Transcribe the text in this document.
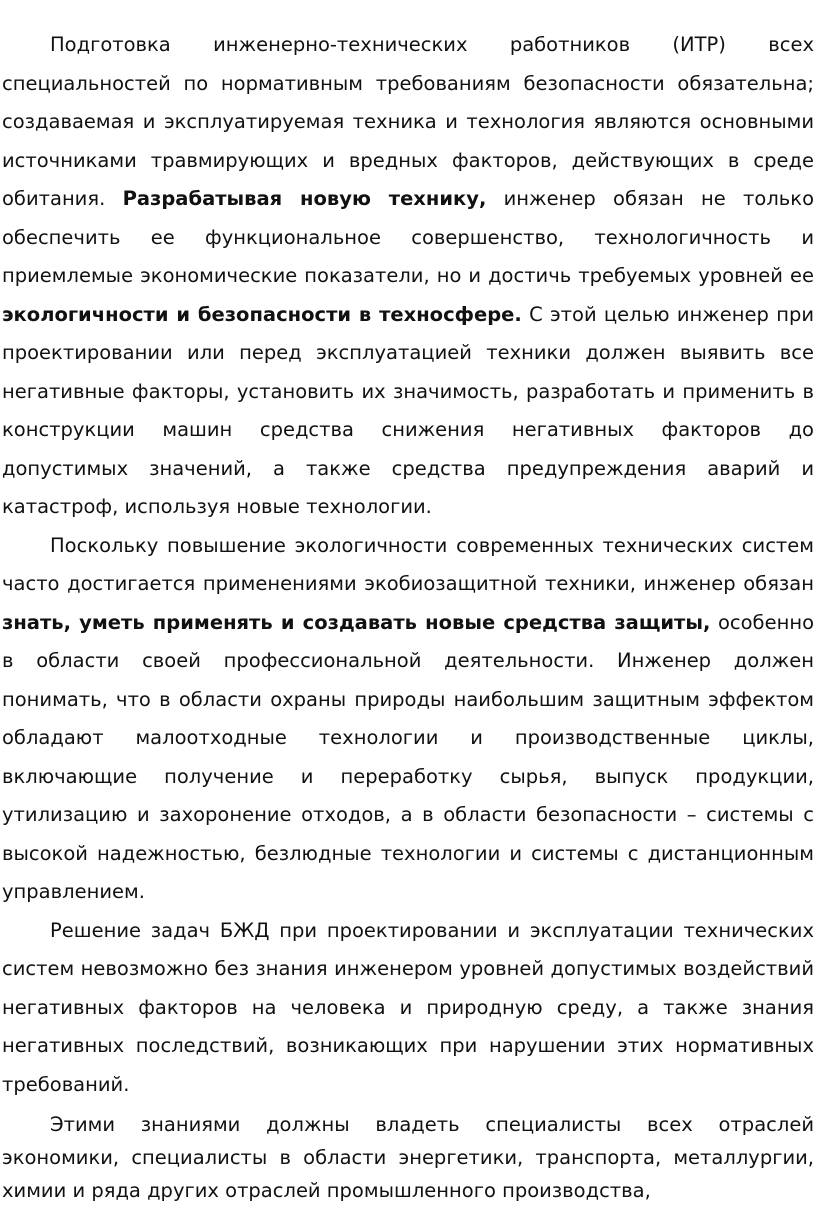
Подготовка инженерно-технических работников (ИТР) всех специальностей по нормативным требованиям безопасности обязательна; создаваемая и эксплуатируемая техника и технология являются основными источниками травмирующих и вредных факторов, действующих в среде обитания. Разрабатывая новую технику, инженер обязан не только обеспечить ее функциональное совершенство, технологичность и приемлемые экономические показатели, но и достичь требуемых уровней ее экологичности и безопасности в техносфере. С этой целью инженер при проектировании или перед эксплуатацией техники должен выявить все негативные факторы, установить их значимость, разработать и применить в конструкции машин средства снижения негативных факторов до допустимых значений, а также средства предупреждения аварий и катастроф, используя новые технологии.

Поскольку повышение экологичности современных технических систем часто достигается применениями экобиозащитной техники, инженер обязан знать, уметь применять и создавать новые средства защиты, особенно в области своей профессиональной деятельности. Инженер должен понимать, что в области охраны природы наибольшим защитным эффектом обладают малоотходные технологии и производственные циклы, включающие получение и переработку сырья, выпуск продукции, утилизацию и захоронение отходов, а в области безопасности – системы с высокой надежностью, безлюдные технологии и системы с дистанционным управлением.

Решение задач БЖД при проектировании и эксплуатации технических систем невозможно без знания инженером уровней допустимых воздействий негативных факторов на человека и природную среду, а также знания негативных последствий, возникающих при нарушении этих нормативных требований.

Этими знаниями должны владеть специалисты всех отраслей экономики, специалисты в области энергетики, транспорта, металлургии, химии и ряда других отраслей промышленного производства,
